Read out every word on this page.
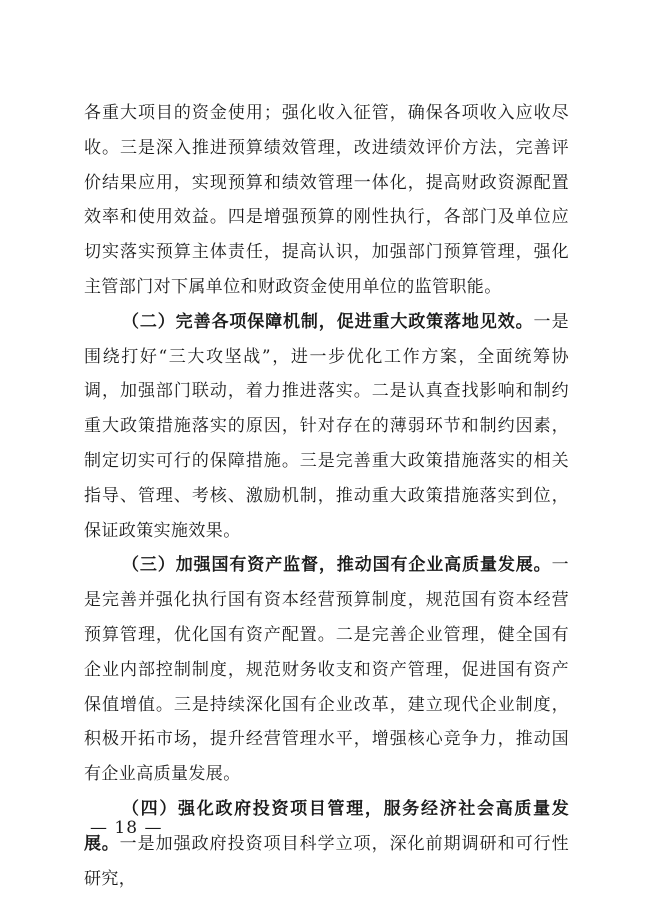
各重大项目的资金使用；强化收入征管，确保各项收入应收尽收。三是深入推进预算绩效管理，改进绩效评价方法，完善评价结果应用，实现预算和绩效管理一体化，提高财政资源配置效率和使用效益。四是增强预算的刚性执行，各部门及单位应切实落实预算主体责任，提高认识，加强部门预算管理，强化主管部门对下属单位和财政资金使用单位的监管职能。

（二）完善各项保障机制，促进重大政策落地见效。一是围绕打好“三大攻坚战”，进一步优化工作方案，全面统筹协调，加强部门联动，着力推进落实。二是认真查找影响和制约重大政策措施落实的原因，针对存在的薄弱环节和制约因素，制定切实可行的保障措施。三是完善重大政策措施落实的相关指导、管理、考核、激励机制，推动重大政策措施落实到位，保证政策实施效果。

（三）加强国有资产监督，推动国有企业高质量发展。一是完善并强化执行国有资本经营预算制度，规范国有资本经营预算管理，优化国有资产配置。二是完善企业管理，健全国有企业内部控制制度，规范财务收支和资产管理，促进国有资产保值增值。三是持续深化国有企业改革，建立现代企业制度，积极开拓市场，提升经营管理水平，增强核心竞争力，推动国有企业高质量发展。

（四）强化政府投资项目管理，服务经济社会高质量发展。一是加强政府投资项目科学立项，深化前期调研和可行性研究，

— 18 —
